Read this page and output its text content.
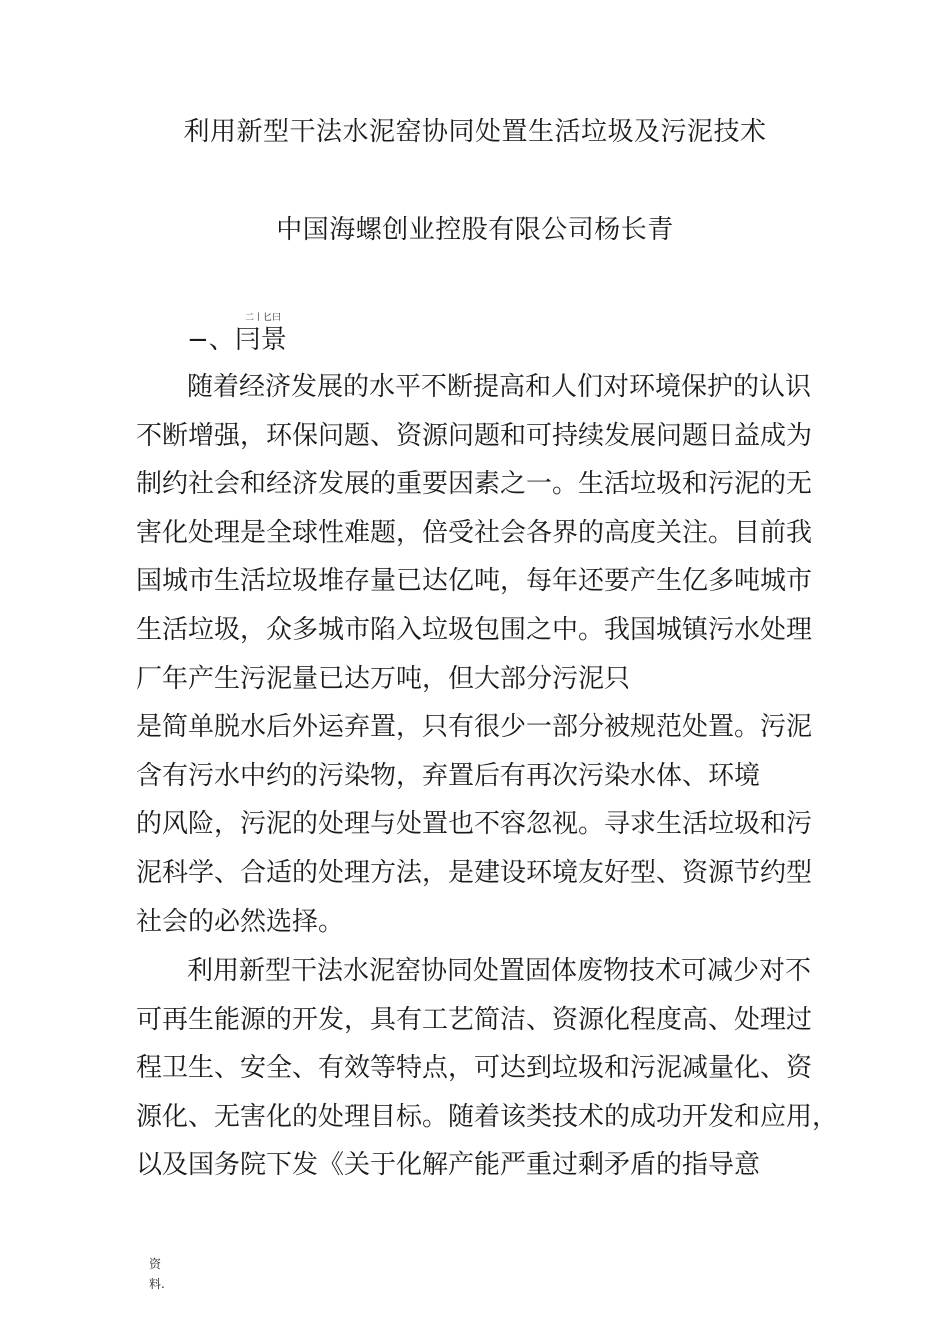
利用新型干法水泥窑协同处置生活垃圾及污泥技术
中国海螺创业控股有限公司杨长青
二丨匕曰
−、冃景
随着经济发展的水平不断提高和人们对环境保护的认识
不断增强，环保问题、资源问题和可持续发展问题日益成为
制约社会和经济发展的重要因素之一。生活垃圾和污泥的无
害化处理是全球性难题，倍受社会各界的高度关注。目前我
国城市生活垃圾堆存量已达亿吨，每年还要产生亿多吨城市
生活垃圾，众多城市陷入垃圾包围之中。我国城镇污水处理
厂年产生污泥量已达万吨，但大部分污泥只
是简单脱水后外运弃置，只有很少一部分被规范处置。污泥
含有污水中约的污染物，弃置后有再次污染水体、环境
的风险，污泥的处理与处置也不容忽视。寻求生活垃圾和污
泥科学、合适的处理方法，是建设环境友好型、资源节约型
社会的必然选择。
利用新型干法水泥窑协同处置固体废物技术可减少对不
可再生能源的开发，具有工艺简洁、资源化程度高、处理过
程卫生、安全、有效等特点，可达到垃圾和污泥减量化、资
源化、无害化的处理目标。随着该类技术的成功开发和应用，
以及国务院下发《关于化解产能严重过剩矛盾的指导意
资
料.
